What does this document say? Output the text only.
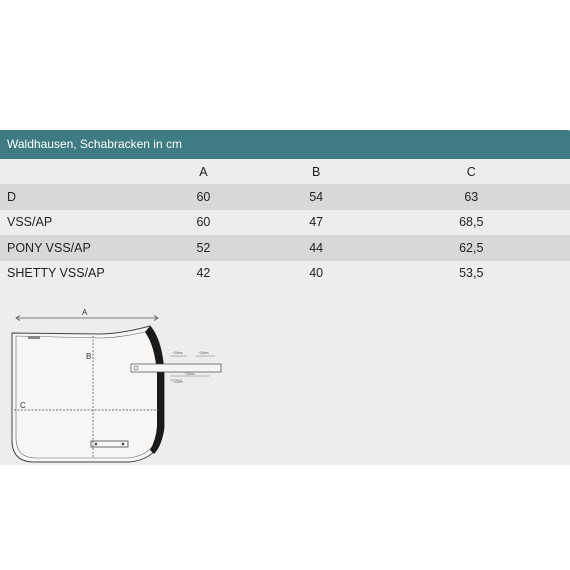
Waldhausen, Schabracken in cm
	A	B	C
D	60	54	63
VSS/AP	60	47	68,5
PONY VSS/AP	52	44	62,5
SHETTY VSS/AP	42	40	53,5
A
B
C
~29cm	~30cm
~42cm
~12cm
